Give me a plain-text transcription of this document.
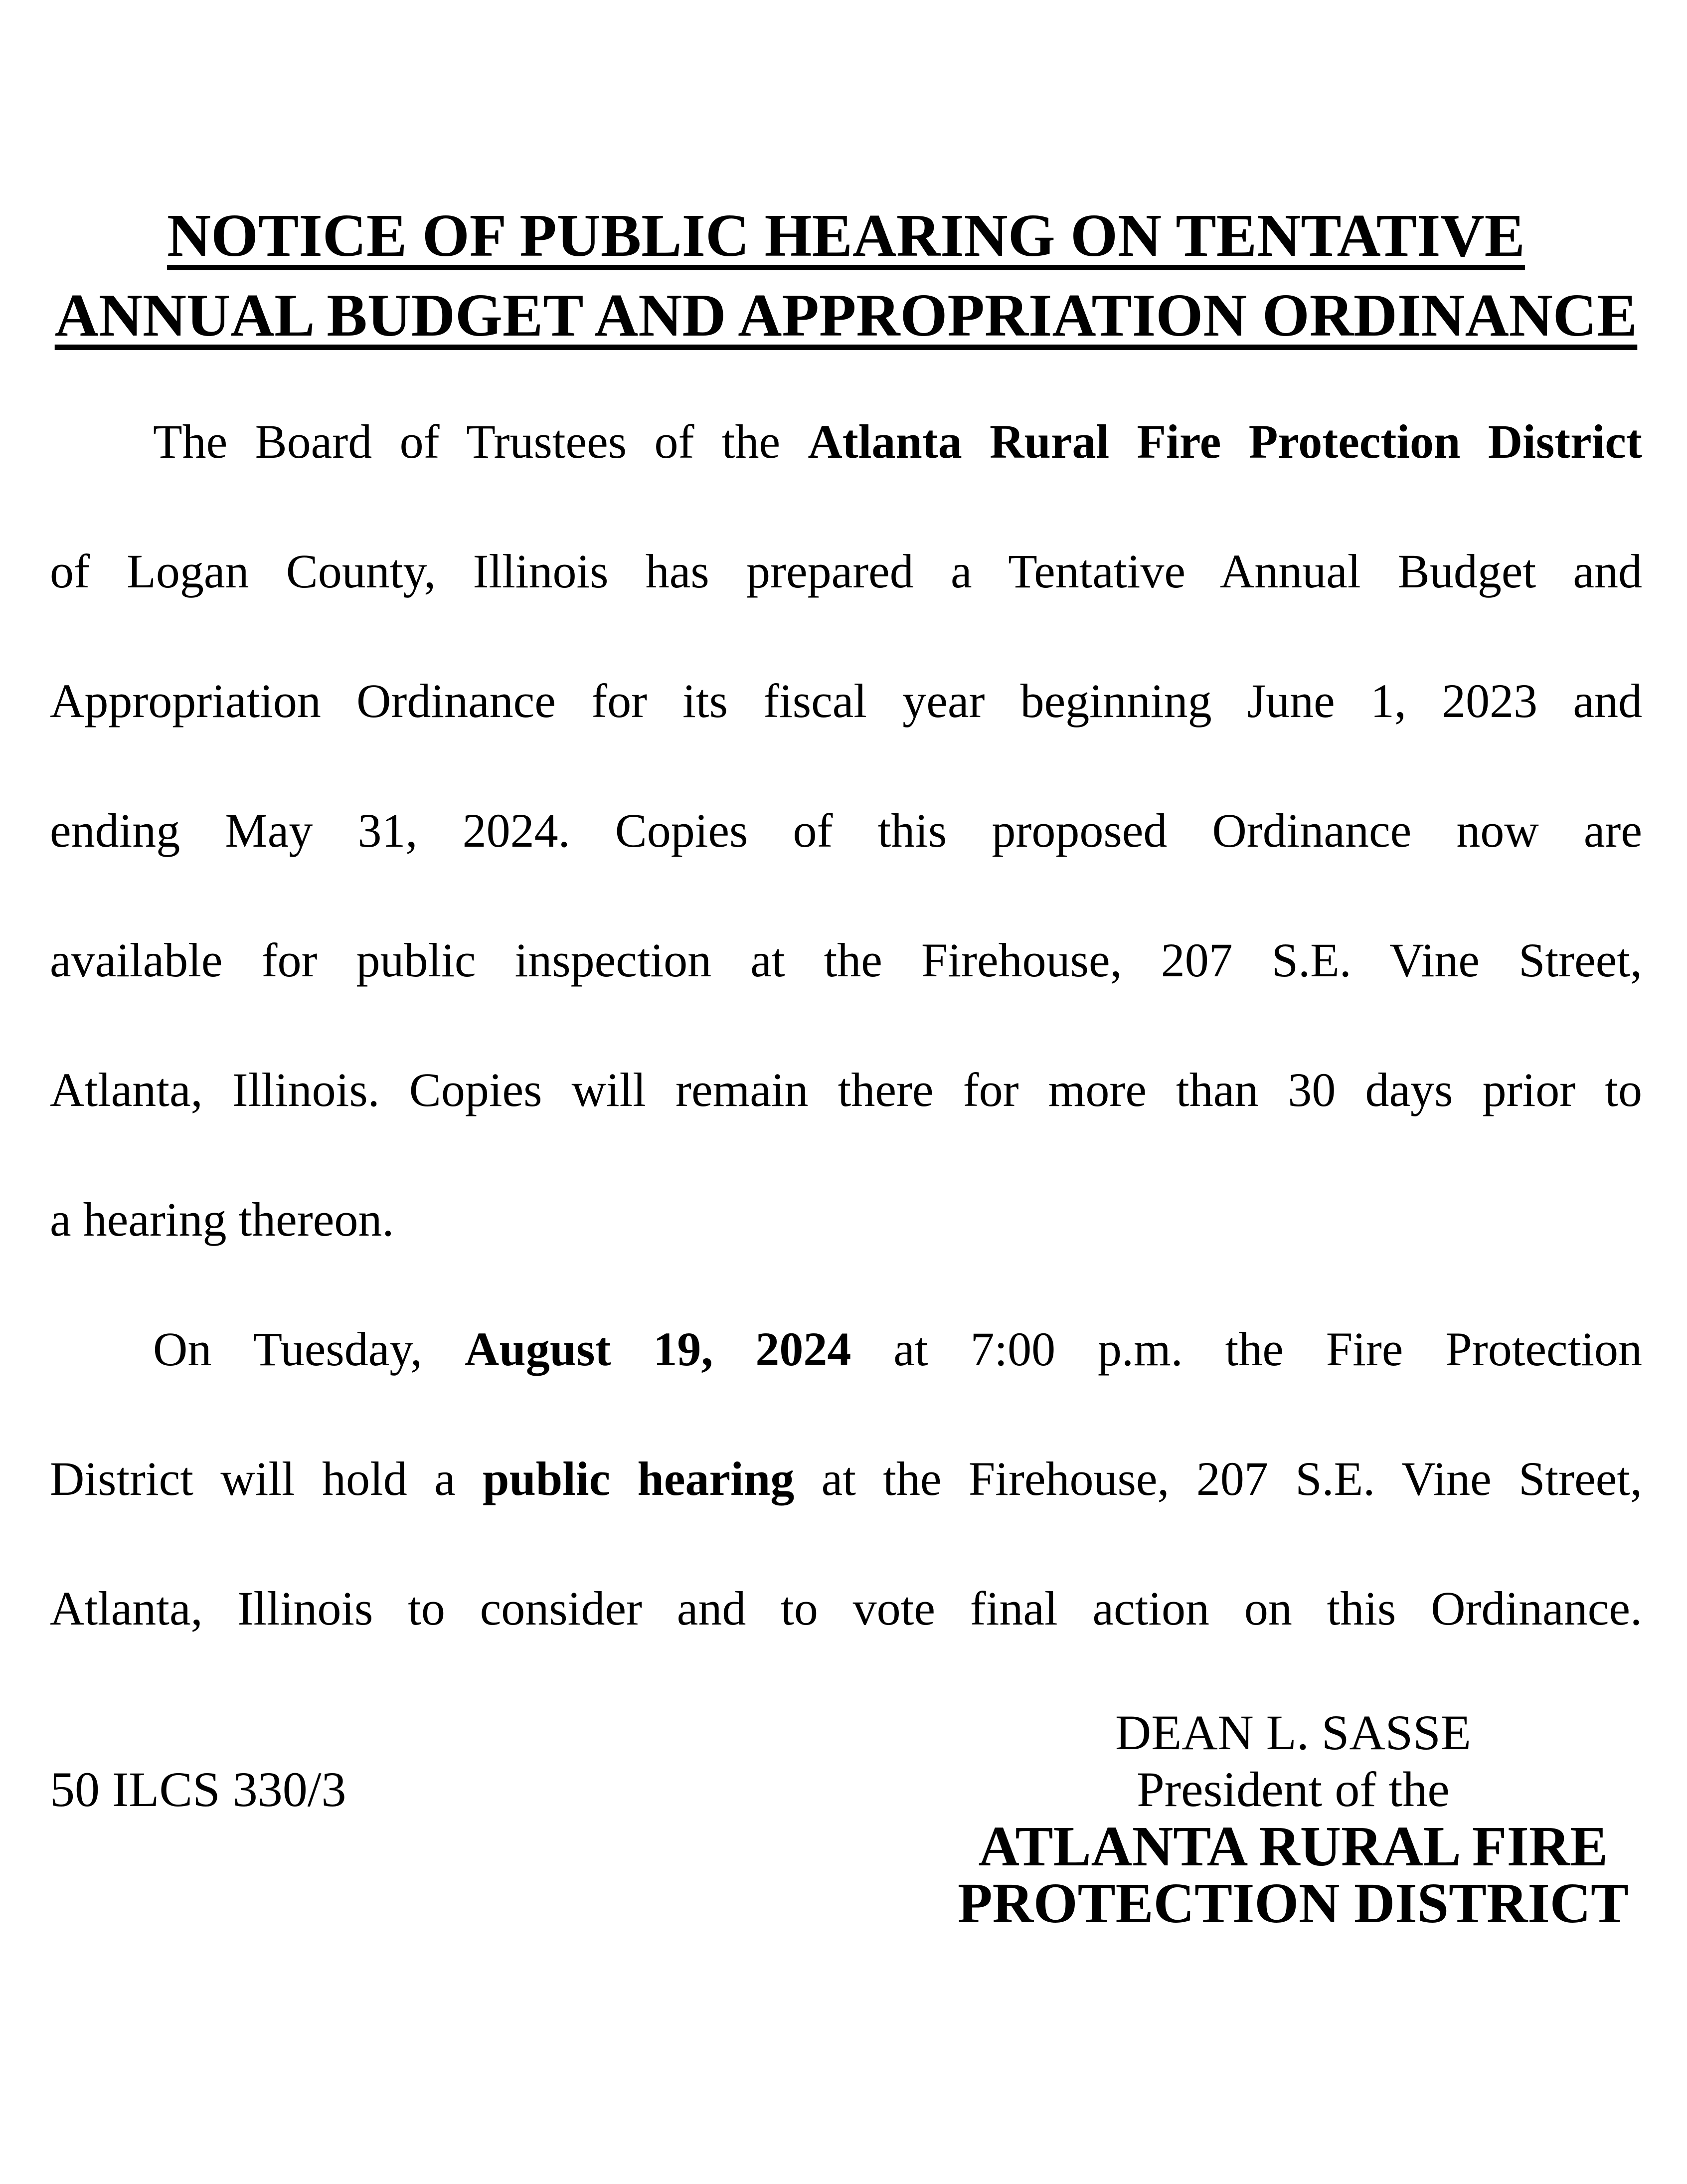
NOTICE OF PUBLIC HEARING ON TENTATIVE
ANNUAL BUDGET AND APPROPRIATION ORDINANCE
The Board of Trustees of the Atlanta Rural Fire Protection District
of Logan County, Illinois has prepared a Tentative Annual Budget and
Appropriation Ordinance for its fiscal year beginning June 1, 2023 and
ending May 31, 2024. Copies of this proposed Ordinance now are
available for public inspection at the Firehouse, 207 S.E. Vine Street,
Atlanta, Illinois. Copies will remain there for more than 30 days prior to
a hearing thereon.
On Tuesday, August 19, 2024 at 7:00 p.m. the Fire Protection
District will hold a public hearing at the Firehouse, 207 S.E. Vine Street,
Atlanta, Illinois to consider and to vote final action on this Ordinance.
50 ILCS 330/3
DEAN L. SASSE
President of the
ATLANTA RURAL FIRE
PROTECTION DISTRICT
